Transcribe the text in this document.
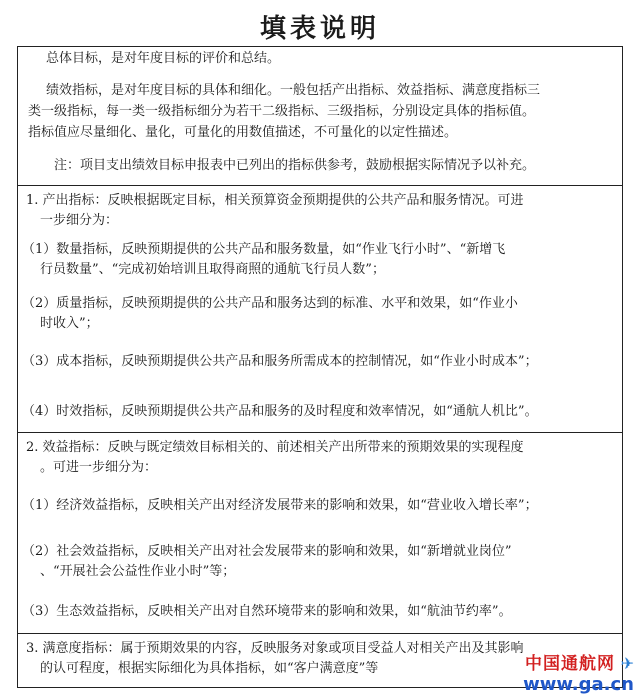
填表说明
总体目标，是对年度目标的评价和总结。
绩效指标，是对年度目标的具体和细化。一般包括产出指标、效益指标、满意度指标三
类一级指标，每一类一级指标细分为若干二级指标、三级指标，分别设定具体的指标值。
指标值应尽量细化、量化，可量化的用数值描述，不可量化的以定性描述。
注：项目支出绩效目标申报表中已列出的指标供参考，鼓励根据实际情况予以补充。
1. 产出指标：反映根据既定目标，相关预算资金预期提供的公共产品和服务情况。可进
一步细分为：
（1）数量指标，反映预期提供的公共产品和服务数量，如“作业飞行小时”、“新增飞
行员数量”、“完成初始培训且取得商照的通航飞行员人数”；
（2）质量指标，反映预期提供的公共产品和服务达到的标准、水平和效果，如“作业小
时收入”；
（3）成本指标，反映预期提供公共产品和服务所需成本的控制情况，如“作业小时成本”；
（4）时效指标，反映预期提供公共产品和服务的及时程度和效率情况，如“通航人机比”。
2. 效益指标：反映与既定绩效目标相关的、前述相关产出所带来的预期效果的实现程度
。可进一步细分为：
（1）经济效益指标，反映相关产出对经济发展带来的影响和效果，如“营业收入增长率”；
（2）社会效益指标，反映相关产出对社会发展带来的影响和效果，如“新增就业岗位”
、“开展社会公益性作业小时”等；
（3）生态效益指标，反映相关产出对自然环境带来的影响和效果，如“航油节约率”。
3. 满意度指标：属于预期效果的内容，反映服务对象或项目受益人对相关产出及其影响
的认可程度，根据实际细化为具体指标，如“客户满意度”等	中国通航网 ✈
www.ga.cn
